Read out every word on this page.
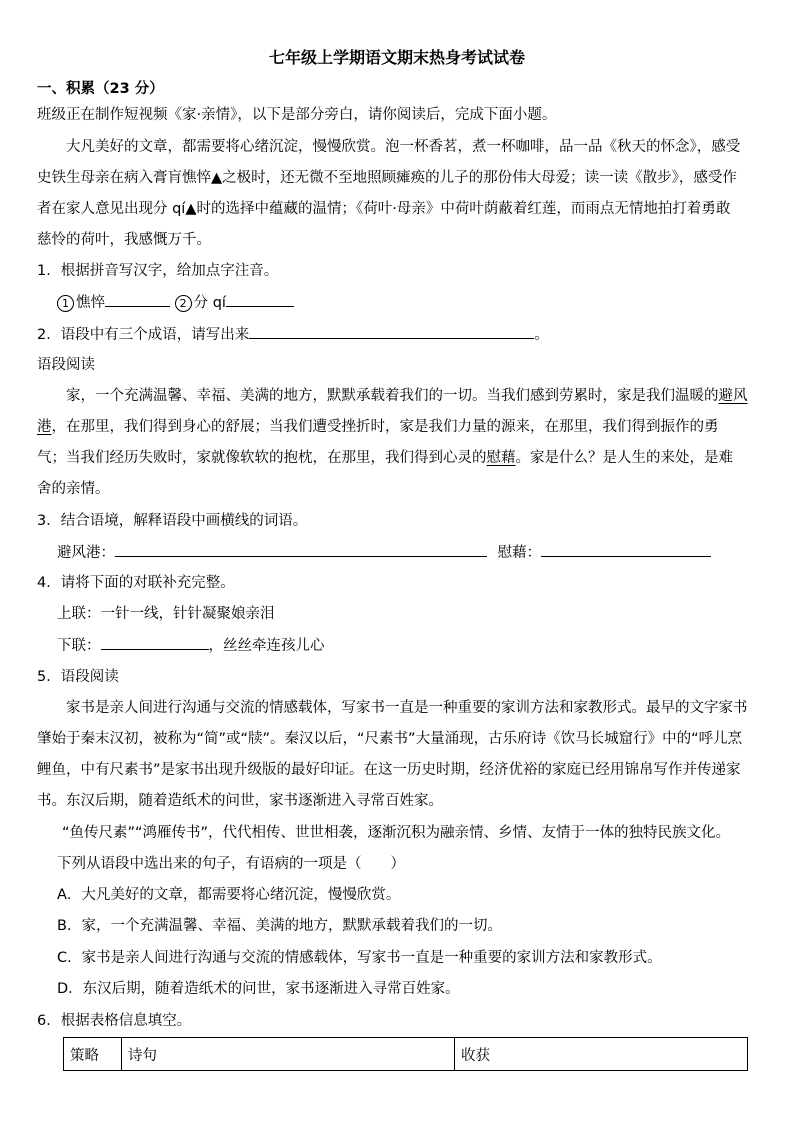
七年级上学期语文期末热身考试试卷
一、积累（23 分）
班级正在制作短视频《家·亲情》，以下是部分旁白，请你阅读后，完成下面小题。
大凡美好的文章，都需要将心绪沉淀，慢慢欣赏。泡一杯香茗，煮一杯咖啡，品一品《秋天的怀念》，感受
史铁生母亲在病入膏肓憔悴▲之极时，还无微不至地照顾瘫痪的儿子的那份伟大母爱；读一读《散步》，感受作
者在家人意见出现分 qí▲时的选择中蕴藏的温情；《荷叶·母亲》中荷叶荫蔽着红莲，而雨点无情地拍打着勇敢
慈怜的荷叶，我感慨万千。
1．根据拼音写汉字，给加点字注音。
1 憔悴	2 分 qí
2．语段中有三个成语，请写出来	。
语段阅读
家，一个充满温馨、幸福、美满的地方，默默承载着我们的一切。当我们感到劳累时，家是我们温暖的避风
港，在那里，我们得到身心的舒展；当我们遭受挫折时，家是我们力量的源来，在那里，我们得到振作的勇
气；当我们经历失败时，家就像软软的抱枕，在那里，我们得到心灵的慰藉。家是什么？是人生的来处，是难
舍的亲情。
3．结合语境，解释语段中画横线的词语。
避风港：	慰藉：
4．请将下面的对联补充完整。
上联：一针一线，针针凝聚娘亲泪
下联：	，丝丝牵连孩儿心
5．语段阅读
家书是亲人间进行沟通与交流的情感载体，写家书一直是一种重要的家训方法和家教形式。最早的文字家书
肇始于秦末汉初，被称为“简”或“牍”。秦汉以后，“尺素书”大量涌现，古乐府诗《饮马长城窟行》中的“呼儿烹
鲤鱼，中有尺素书”是家书出现升级版的最好印证。在这一历史时期，经济优裕的家庭已经用锦帛写作并传递家
书。东汉后期，随着造纸术的问世，家书逐渐进入寻常百姓家。
“鱼传尺素”“鸿雁传书”，代代相传、世世相袭，逐渐沉积为融亲情、乡情、友情于一体的独特民族文化。
下列从语段中选出来的句子，有语病的一项是（　　）
A．大凡美好的文章，都需要将心绪沉淀，慢慢欣赏。
B．家，一个充满温馨、幸福、美满的地方，默默承载着我们的一切。
C．家书是亲人间进行沟通与交流的情感载体，写家书一直是一种重要的家训方法和家教形式。
D．东汉后期，随着造纸术的问世，家书逐渐进入寻常百姓家。
6．根据表格信息填空。
策略	诗句	收获
